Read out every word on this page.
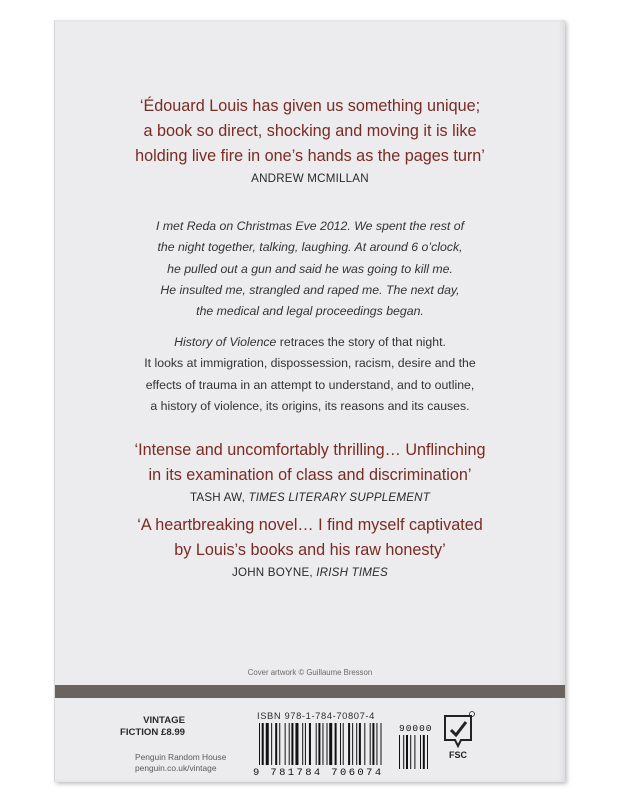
‘Édouard Louis has given us something unique;
a book so direct, shocking and moving it is like
holding live fire in one’s hands as the pages turn’
ANDREW MCMILLAN
I met Reda on Christmas Eve 2012. We spent the rest of
the night together, talking, laughing. At around 6 o’clock,
he pulled out a gun and said he was going to kill me.
He insulted me, strangled and raped me. The next day,
the medical and legal proceedings began.
History of Violence retraces the story of that night.
It looks at immigration, dispossession, racism, desire and the
effects of trauma in an attempt to understand, and to outline,
a history of violence, its origins, its reasons and its causes.
‘Intense and uncomfortably thrilling… Unflinching
in its examination of class and discrimination’
TASH AW, TIMES LITERARY SUPPLEMENT
‘A heartbreaking novel… I find myself captivated
by Louis’s books and his raw honesty’
JOHN BOYNE, IRISH TIMES
Cover artwork © Guillaume Bresson
VINTAGE
FICTION £8.99
Penguin Random House
penguin.co.uk/vintage
ISBN 978-1-784-70807-4
9 781784 706074
90000
FSC
